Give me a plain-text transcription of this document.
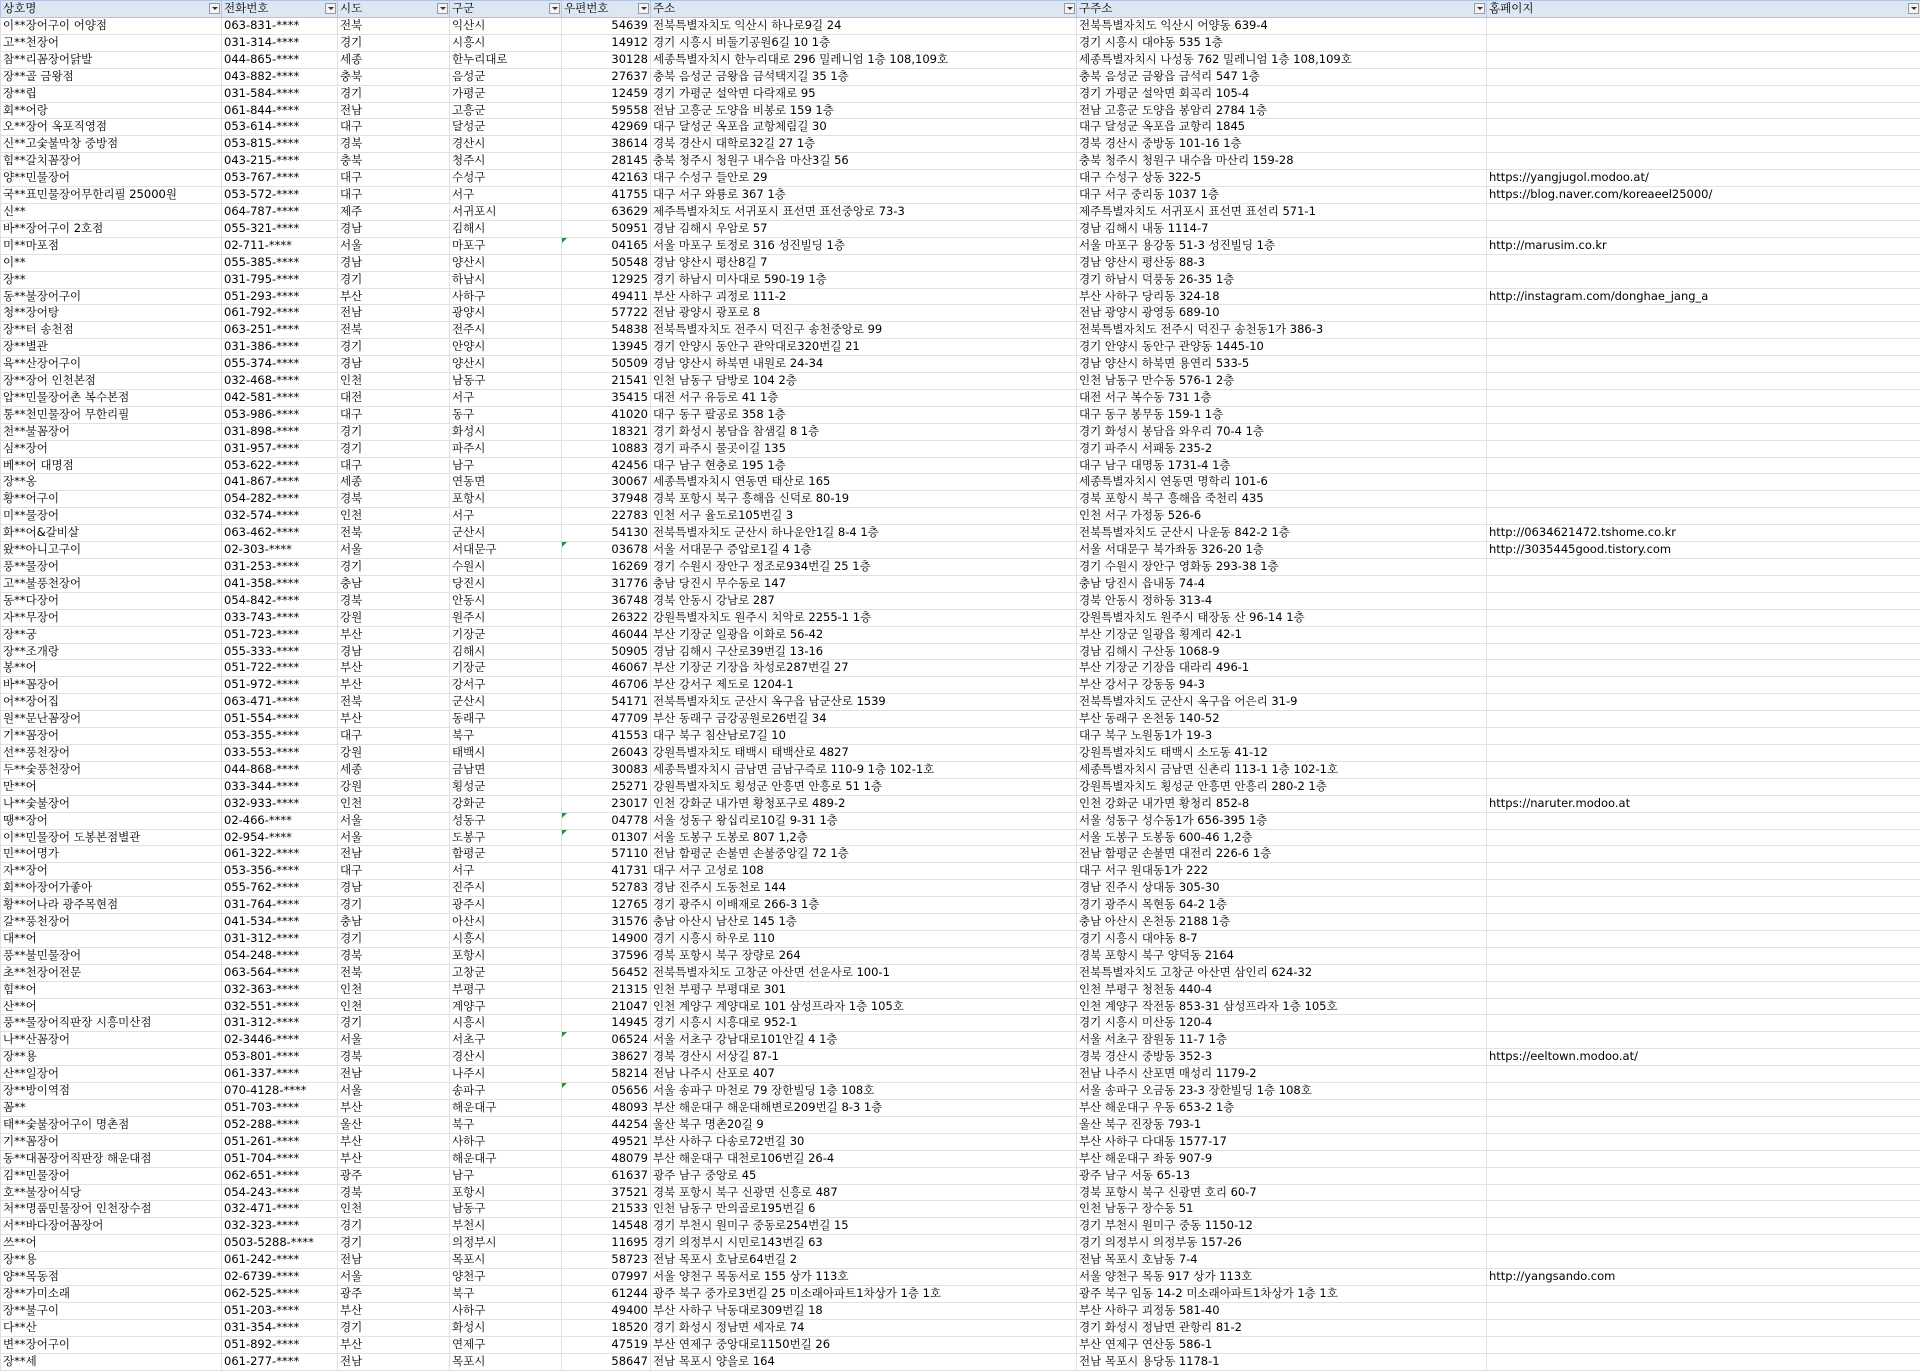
상호명	전화번호	시도	구군	우편번호	주소	구주소	홈페이지

이**장어구이 어양점	063-831-****	전북	익산시	54639	전북특별자치도 익산시 하나로9길 24	전북특별자치도 익산시 어양동 639-4	
고**천장어	031-314-****	경기	시흥시	14912	경기 시흥시 비둘기공원6길 10 1층	경기 시흥시 대야동 535 1층	
참**리꼼장어닭발	044-865-****	세종	한누리대로	30128	세종특별자치시 한누리대로 296 밀레니엄 1층 108,109호	세종특별자치시 나성동 762 밀레니엄 1층 108,109호	
장**골 금왕점	043-882-****	충북	음성군	27637	충북 음성군 금왕읍 금석택지길 35 1층	충북 음성군 금왕읍 금석리 547 1층	
장**립	031-584-****	경기	가평군	12459	경기 가평군 설악면 다락재로 95	경기 가평군 설악면 회곡리 105-4	
회**어랑	061-844-****	전남	고흥군	59558	전남 고흥군 도양읍 비봉로 159 1층	전남 고흥군 도양읍 봉암리 2784 1층	
오**장어 옥포직영점	053-614-****	대구	달성군	42969	대구 달성군 옥포읍 교항체림길 30	대구 달성군 옥포읍 교항리 1845	
신**고숯불막창 중방점	053-815-****	경북	경산시	38614	경북 경산시 대학로32길 27 1층	경북 경산시 중방동 101-16 1층	
힘**갈치꼼장어	043-215-****	충북	청주시	28145	충북 청주시 청원구 내수읍 마산3길 56	충북 청주시 청원구 내수읍 마산리 159-28	
양**민물장어	053-767-****	대구	수성구	42163	대구 수성구 들안로 29	대구 수성구 상동 322-5	https://yangjugol.modoo.at/
국**표민물장어무한리필 25000원	053-572-****	대구	서구	41755	대구 서구 와룡로 367 1층	대구 서구 중리동 1037 1층	https://blog.naver.com/koreaeel25000/
신**	064-787-****	제주	서귀포시	63629	제주특별자치도 서귀포시 표선면 표선중앙로 73-3	제주특별자치도 서귀포시 표선면 표선리 571-1	
바**장어구이 2호점	055-321-****	경남	김해시	50951	경남 김해시 우암로 57	경남 김해시 내동 1114-7	
미**마포점	02-711-****	서울	마포구	04165	서울 마포구 토정로 316 성진빌딩 1층	서울 마포구 용강동 51-3 성진빌딩 1층	http://marusim.co.kr
이**	055-385-****	경남	양산시	50548	경남 양산시 평산8길 7	경남 양산시 평산동 88-3	
장**	031-795-****	경기	하남시	12925	경기 하남시 미사대로 590-19 1층	경기 하남시 덕풍동 26-35 1층	
동**불장어구이	051-293-****	부산	사하구	49411	부산 사하구 괴정로 111-2	부산 사하구 당리동 324-18	http://instagram.com/donghae_jang_a
청**장어탕	061-792-****	전남	광양시	57722	전남 광양시 광포로 8	전남 광양시 광영동 689-10	
장**터 송천점	063-251-****	전북	전주시	54838	전북특별자치도 전주시 덕진구 송천중앙로 99	전북특별자치도 전주시 덕진구 송천동1가 386-3	
장**별관	031-386-****	경기	안양시	13945	경기 안양시 동안구 관악대로320번길 21	경기 안양시 동안구 관양동 1445-10	
육**산장어구이	055-374-****	경남	양산시	50509	경남 양산시 하북면 내원로 24-34	경남 양산시 하북면 용연리 533-5	
장**장어 인천본점	032-468-****	인천	남동구	21541	인천 남동구 담방로 104 2층	인천 남동구 만수동 576-1 2층	
압**민물장어촌 복수본점	042-581-****	대전	서구	35415	대전 서구 유등로 41 1층	대전 서구 복수동 731 1층	
통**천민물장어 무한리필	053-986-****	대구	동구	41020	대구 동구 팔공로 358 1층	대구 동구 봉무동 159-1 1층	
천**불꼼장어	031-898-****	경기	화성시	18321	경기 화성시 봉담읍 참샘길 8 1층	경기 화성시 봉담읍 와우리 70-4 1층	
심**장어	031-957-****	경기	파주시	10883	경기 파주시 물곳이길 135	경기 파주시 서패동 235-2	
베**어 대명점	053-622-****	대구	남구	42456	대구 남구 현충로 195 1층	대구 남구 대명동 1731-4 1층	
장**옹	041-867-****	세종	연동면	30067	세종특별자치시 연동면 태산로 165	세종특별자치시 연동면 명학리 101-6	
황**어구이	054-282-****	경북	포항시	37948	경북 포항시 북구 흥해읍 신덕로 80-19	경북 포항시 북구 흥해읍 죽천리 435	
미**물장어	032-574-****	인천	서구	22783	인천 서구 율도로105번길 3	인천 서구 가정동 526-6	
화**어&갈비살	063-462-****	전북	군산시	54130	전북특별자치도 군산시 하나운안1길 8-4 1층	전북특별자치도 군산시 나운동 842-2 1층	http://0634621472.tshome.co.kr
왔**아니고구이	02-303-****	서울	서대문구	03678	서울 서대문구 증압로1길 4 1층	서울 서대문구 북가좌동 326-20 1층	http://3035445good.tistory.com
풍**물장어	031-253-****	경기	수원시	16269	경기 수원시 장안구 정조로934번길 25 1층	경기 수원시 장안구 영화동 293-38 1층	
고**불풍천장어	041-358-****	충남	당진시	31776	충남 당진시 무수동로 147	충남 당진시 읍내동 74-4	
동**다장어	054-842-****	경북	안동시	36748	경북 안동시 강남로 287	경북 안동시 정하동 313-4	
자**무장어	033-743-****	강원	원주시	26322	강원특별자치도 원주시 치악로 2255-1 1층	강원특별자치도 원주시 태장동 산 96-14 1층	
장**궁	051-723-****	부산	기장군	46044	부산 기장군 일광읍 이화로 56-42	부산 기장군 일광읍 횡계리 42-1	
장**조개랑	055-333-****	경남	김해시	50905	경남 김해시 구산로39번길 13-16	경남 김해시 구산동 1068-9	
봉**어	051-722-****	부산	기장군	46067	부산 기장군 기장읍 차성로287번길 27	부산 기장군 기장읍 대라리 496-1	
바**꼼장어	051-972-****	부산	강서구	46706	부산 강서구 제도로 1204-1	부산 강서구 강동동 94-3	
어**장어집	063-471-****	전북	군산시	54171	전북특별자치도 군산시 옥구읍 남군산로 1539	전북특별자치도 군산시 옥구읍 어은리 31-9	
원**문난꼼장어	051-554-****	부산	동래구	47709	부산 동래구 금강공원로26번길 34	부산 동래구 온천동 140-52	
기**꼼장어	053-355-****	대구	북구	41553	대구 북구 침산남로7길 10	대구 북구 노원동1가 19-3	
선**풍천장어	033-553-****	강원	태백시	26043	강원특별자치도 태백시 태백산로 4827	강원특별자치도 태백시 소도동 41-12	
두**숯풍천장어	044-868-****	세종	금남면	30083	세종특별자치시 금남면 금남구즉로 110-9 1층 102-1호	세종특별자치시 금남면 신촌리 113-1 1층 102-1호	
만**어	033-344-****	강원	횡성군	25271	강원특별자치도 횡성군 안흥면 안흥로 51 1층	강원특별자치도 횡성군 안흥면 안흥리 280-2 1층	
나**숯불장어	032-933-****	인천	강화군	23017	인천 강화군 내가면 황청포구로 489-2	인천 강화군 내가면 황청리 852-8	https://naruter.modoo.at
땡**장어	02-466-****	서울	성동구	04778	서울 성동구 왕십리로10길 9-31 1층	서울 성동구 성수동1가 656-395 1층	
이**민물장어 도봉본점별관	02-954-****	서울	도봉구	01307	서울 도봉구 도봉로 807 1,2층	서울 도봉구 도봉동 600-46 1,2층	
민**어명가	061-322-****	전남	함평군	57110	전남 함평군 손불면 손불중앙길 72 1층	전남 함평군 손불면 대전리 226-6 1층	
자**장어	053-356-****	대구	서구	41731	대구 서구 고성로 108	대구 서구 원대동1가 222	
회**아장어가좋아	055-762-****	경남	진주시	52783	경남 진주시 도동천로 144	경남 진주시 상대동 305-30	
황**어나라 광주목현점	031-764-****	경기	광주시	12765	경기 광주시 이배재로 266-3 1층	경기 광주시 목현동 64-2 1층	
갈**풍천장어	041-534-****	충남	아산시	31576	충남 아산시 남산로 145 1층	충남 아산시 온천동 2188 1층	
대**어	031-312-****	경기	시흥시	14900	경기 시흥시 하우로 110	경기 시흥시 대야동 8-7	
풍**불민물장어	054-248-****	경북	포항시	37596	경북 포항시 북구 장량로 264	경북 포항시 북구 양덕동 2164	
초**천장어전문	063-564-****	전북	고창군	56452	전북특별자치도 고창군 아산면 선운사로 100-1	전북특별자치도 고창군 아산면 삼인리 624-32	
힘**어	032-363-****	인천	부평구	21315	인천 부평구 부평대로 301	인천 부평구 청천동 440-4	
산**어	032-551-****	인천	계양구	21047	인천 계양구 계양대로 101 삼성프라자 1층 105호	인천 계양구 작전동 853-31 삼성프라자 1층 105호	
풍**물장어직판장 시흥미산점	031-312-****	경기	시흥시	14945	경기 시흥시 시흥대로 952-1	경기 시흥시 미산동 120-4	
나**산꼼장어	02-3446-****	서울	서초구	06524	서울 서초구 강남대로101안길 4 1층	서울 서초구 잠원동 11-7 1층	
장**용	053-801-****	경북	경산시	38627	경북 경산시 서상길 87-1	경북 경산시 중방동 352-3	https://eeltown.modoo.at/
산**일장어	061-337-****	전남	나주시	58214	전남 나주시 산포로 407	전남 나주시 산포면 매성리 1179-2	
장**방이역점	070-4128-****	서울	송파구	05656	서울 송파구 마천로 79 장한빌딩 1층 108호	서울 송파구 오금동 23-3 장한빌딩 1층 108호	
꼼**	051-703-****	부산	해운대구	48093	부산 해운대구 해운대해변로209번길 8-3 1층	부산 해운대구 우동 653-2 1층	
태**숯불장어구이 명촌점	052-288-****	울산	북구	44254	울산 북구 명촌20길 9	울산 북구 진장동 793-1	
기**꼼장어	051-261-****	부산	사하구	49521	부산 사하구 다송로72번길 30	부산 사하구 다대동 1577-17	
동**대꼼장어직판장 해운대점	051-704-****	부산	해운대구	48079	부산 해운대구 대천로106번길 26-4	부산 해운대구 좌동 907-9	
김**민물장어	062-651-****	광주	남구	61637	광주 남구 중앙로 45	광주 남구 서동 65-13	
호**불장어식당	054-243-****	경북	포항시	37521	경북 포항시 북구 신광면 신흥로 487	경북 포항시 북구 신광면 호리 60-7	
처**명품민물장어 인천장수점	032-471-****	인천	남동구	21533	인천 남동구 만의골로195번길 6	인천 남동구 장수동 51	
서**바다장어꼼장어	032-323-****	경기	부천시	14548	경기 부천시 원미구 중동로254번길 15	경기 부천시 원미구 중동 1150-12	
쓰**어	0503-5288-****	경기	의정부시	11695	경기 의정부시 시민로143번길 63	경기 의정부시 의정부동 157-26	
장**용	061-242-****	전남	목포시	58723	전남 목포시 호남로64번길 2	전남 목포시 호남동 7-4	
양**목동점	02-6739-****	서울	양천구	07997	서울 양천구 목동서로 155 상가 113호	서울 양천구 목동 917 상가 113호	http://yangsando.com
장**가미소래	062-525-****	광주	북구	61244	광주 북구 중가로3번길 25 미소래아파트1차상가 1층 1호	광주 북구 임동 14-2 미소래아파트1차상가 1층 1호	
장**불구이	051-203-****	부산	사하구	49400	부산 사하구 낙동대로309번길 18	부산 사하구 괴정동 581-40	
다**산	031-354-****	경기	화성시	18520	경기 화성시 정남면 세자로 74	경기 화성시 정남면 관항리 81-2	
변**장어구이	051-892-****	부산	연제구	47519	부산 연제구 중앙대로1150번길 26	부산 연제구 연산동 586-1	
장**세	061-277-****	전남	목포시	58647	전남 목포시 양을로 164	전남 목포시 용당동 1178-1	
